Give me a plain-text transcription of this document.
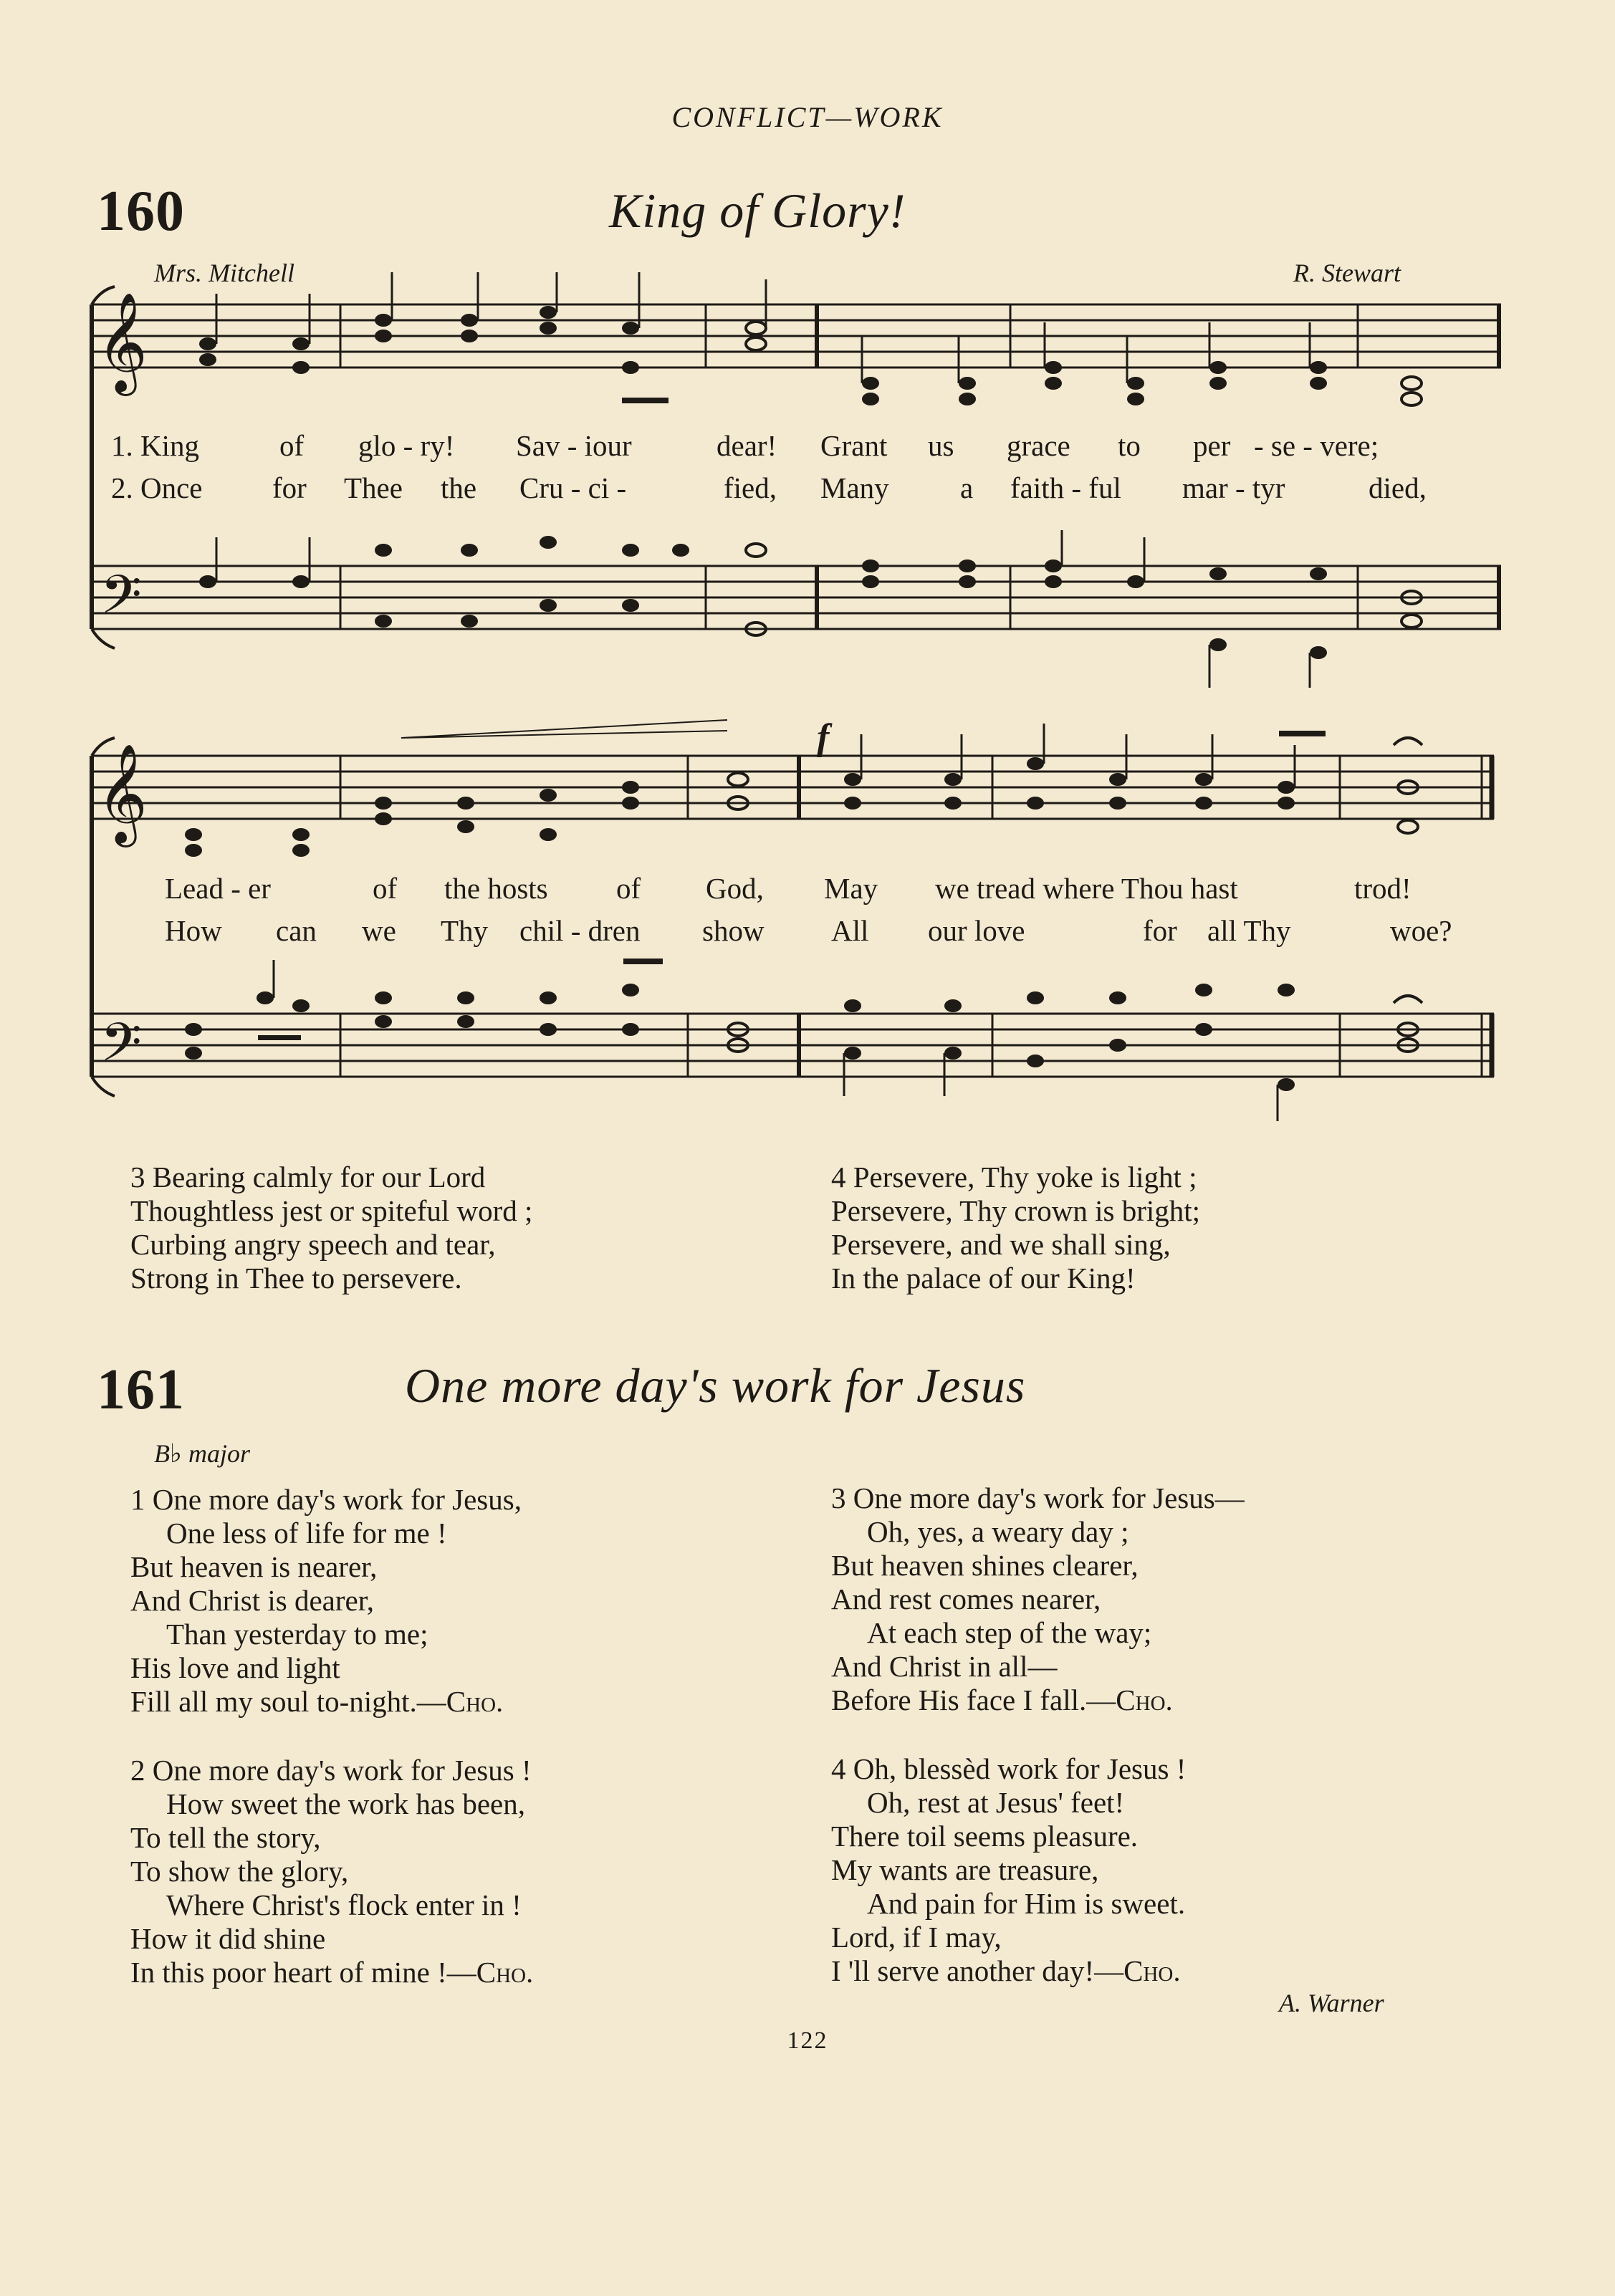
CONFLICT—WORK
160	King of Glory!
Mrs. Mitchell	R. Stewart
𝄞
𝄢
𝄞
𝄢
f
1. King	of glo - ry! Sav - iour	dear! Grant us grace to per - se - vere;
2. Once for Thee the Cru - ci -	fied, Many a faith - ful mar - tyr	died,
Lead - er	of the hosts of God, May we tread where Thou hast	trod!
How can we Thy chil - dren show All our love	for all Thy	woe?
3 Bearing calmly for our Lord
Thoughtless jest or spiteful word ;
Curbing angry speech and tear,
Strong in Thee to persevere.
4 Persevere, Thy yoke is light ;
Persevere, Thy crown is bright;
Persevere, and we shall sing,
In the palace of our King!
161	One more day's work for Jesus
B♭ major
1 One more day's work for Jesus,
One less of life for me !
But heaven is nearer,
And Christ is dearer,
Than yesterday to me;
His love and light
Fill all my soul to-night.—Cho.
2 One more day's work for Jesus !
How sweet the work has been,
To tell the story,
To show the glory,
Where Christ's flock enter in !
How it did shine
In this poor heart of mine !—Cho.
3 One more day's work for Jesus—
Oh, yes, a weary day ;
But heaven shines clearer,
And rest comes nearer,
At each step of the way;
And Christ in all—
Before His face I fall.—Cho.
4 Oh, blessèd work for Jesus !
Oh, rest at Jesus' feet!
There toil seems pleasure.
My wants are treasure,
And pain for Him is sweet.
Lord, if I may,
I 'll serve another day!—Cho.
A. Warner
122
